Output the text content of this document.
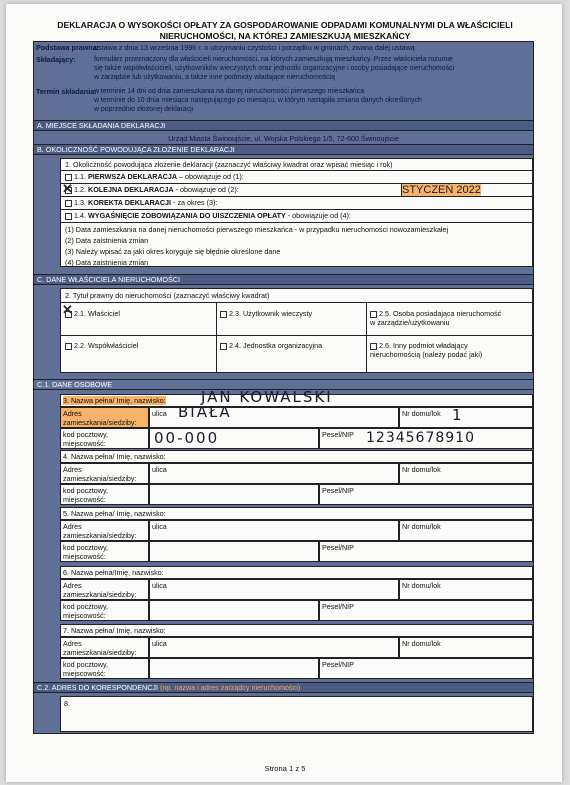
DEKLARACJA O WYSOKOŚCI OPŁATY ZA GOSPODAROWANIE ODPADAMI KOMUNALNYMI DLA WŁAŚCICIELI
NIERUCHOMOŚCI, NA KTÓREJ ZAMIESZKUJĄ MIESZKAŃCY
Podstawa prawna:
ustawa z dnia 13 września 1996 r. o utrzymaniu czystości i porządku w gminach, zwana dalej ustawą
Składający:	formularz przeznaczony dla właścicieli nieruchomości, na których zamieszkują mieszkańcy. Przez właściciela rozumie
się także współwłaścicieli, użytkowników wieczystych oraz jednostki organizacyjne i osoby posiadające nieruchomości
w zarządzie lub użytkowaniu, a także inne podmioty władające nieruchomością
Termin składania:
w terminie 14 dni od dnia zamieszkania na danej nieruchomości pierwszego mieszkańca
w terminie do 10 dnia miesiąca następującego po miesiącu, w którym nastąpiła zmiana danych określonych
w poprzednio złożonej deklaracji
A. MIEJSCE SKŁADANIA DEKLARACJI
Urząd Miasta Świnoujście, ul. Wojska Polskiego 1/5, 72-600 Świnoujście
B. OKOLICZNOŚĆ POWODUJĄCA ZŁOŻENIE DEKLARACJI
1. Okoliczność powodująca złożenie deklaracji (zaznaczyć właściwy kwadrat oraz wpisać miesiąc i rok)
1.1. PIERWSZA DEKLARACJA – obowiązuje od (1):
1.2. KOLEJNA DEKLARACJA - obowiązuje od (2):
1.3. KOREKTA DEKLARACJI - za okres (3):
1.4. WYGAŚNIĘCIE ZOBOWIĄZANIA DO UISZCZENIA OPŁATY - obowiązuje od (4):
(1) Data zamieszkania na danej nieruchomości pierwszego mieszkańca - w przypadku nieruchomości nowozamieszkałej
(2) Data zaistnienia zmian
(3) Należy wpisać za jaki okres koryguje się błędnie określone dane
(4) Data zaistnienia zmian
✕	STYCZEŃ 2022
C. DANE WŁAŚCICIELA NIERUCHOMOŚCI
2. Tytuł prawny do nieruchomości (zaznaczyć właściwy kwadrat)
2.1. Właściciel	2.3. Użytkownik wieczysty	2.5. Osoba posiadająca nieruchomość
w zarządzie/użytkowaniu
2.2. Współwłaściciel	2.4. Jednostka organizacyjna	2.6. Inny podmiot władający
nieruchomością (należy podać jaki)
✕
C.1. DANE OSOBOWE
3. Nazwa pełna/ Imię, nazwisko: JAN KOWALSKI
Adres
zamieszkania/siedziby:
ulica BIAŁA	Nr domu/lok 1
kod pocztowy,
miejscowość:	00-000	Pesel/NIP 12345678910
4. Nazwa pełna/ Imię, nazwisko:
Adres
zamieszkania/siedziby:
ulica	Nr domu/lok
kod pocztowy,
miejscowość:
Pesel/NIP
5. Nazwa pełna/ Imię, nazwisko:
Adres
zamieszkania/siedziby:
ulica	Nr domu/lok
kod pocztowy,
miejscowość:
Pesel/NIP
6. Nazwa pełna/Imię, nazwisko:
Adres
zamieszkania/siedziby:
ulica	Nr domu/lok
kod pocztowy,
miejscowość:
Pesel/NIP
7. Nazwa pełna/ Imię, nazwisko:
Adres
zamieszkania/siedziby:
ulica	Nr domu/lok
kod pocztowy,
miejscowość:
Pesel/NIP
C.2. ADRES DO KORESPONDENCJI (np. nazwa i adres zarządcy nieruchomości)
8.
Strona 1 z 5
